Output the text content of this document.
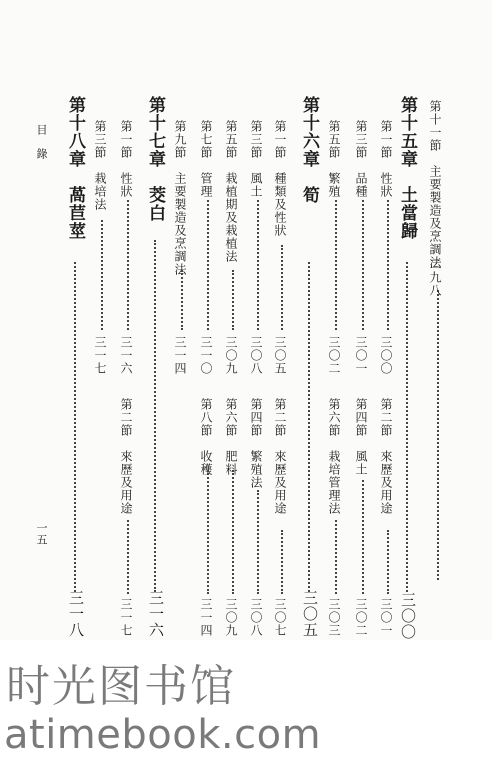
第十一節　主要製造及烹調法
二九八
第十五章　土當歸
三〇〇
第一節　性狀
三〇〇
第二節　來歷及用途
三〇一
第三節　品種
三〇一
第四節　風土
三〇二
第五節　繁殖
三〇二
第六節　栽培管理法
三〇三
第十六章　筍
三〇五
第一節　種類及性狀
三〇五
第二節　來歷及用途
三〇七
第三節　風土
三〇八
第四節　繁殖法
三〇八
第五節　栽植期及栽植法
三〇九
第六節　肥料
三〇九
第七節　管理
三一〇
第八節　收穫
三一四
第九節　主要製造及烹調法
三一四
第十七章　茭白
三一六
第一節　性狀
三一六
第二節　來歷及用途
三一七
第三節　栽培法
三一七
第十八章　萵苣莖
三一八
目
錄
一五
时光图书馆
atimebook.com
